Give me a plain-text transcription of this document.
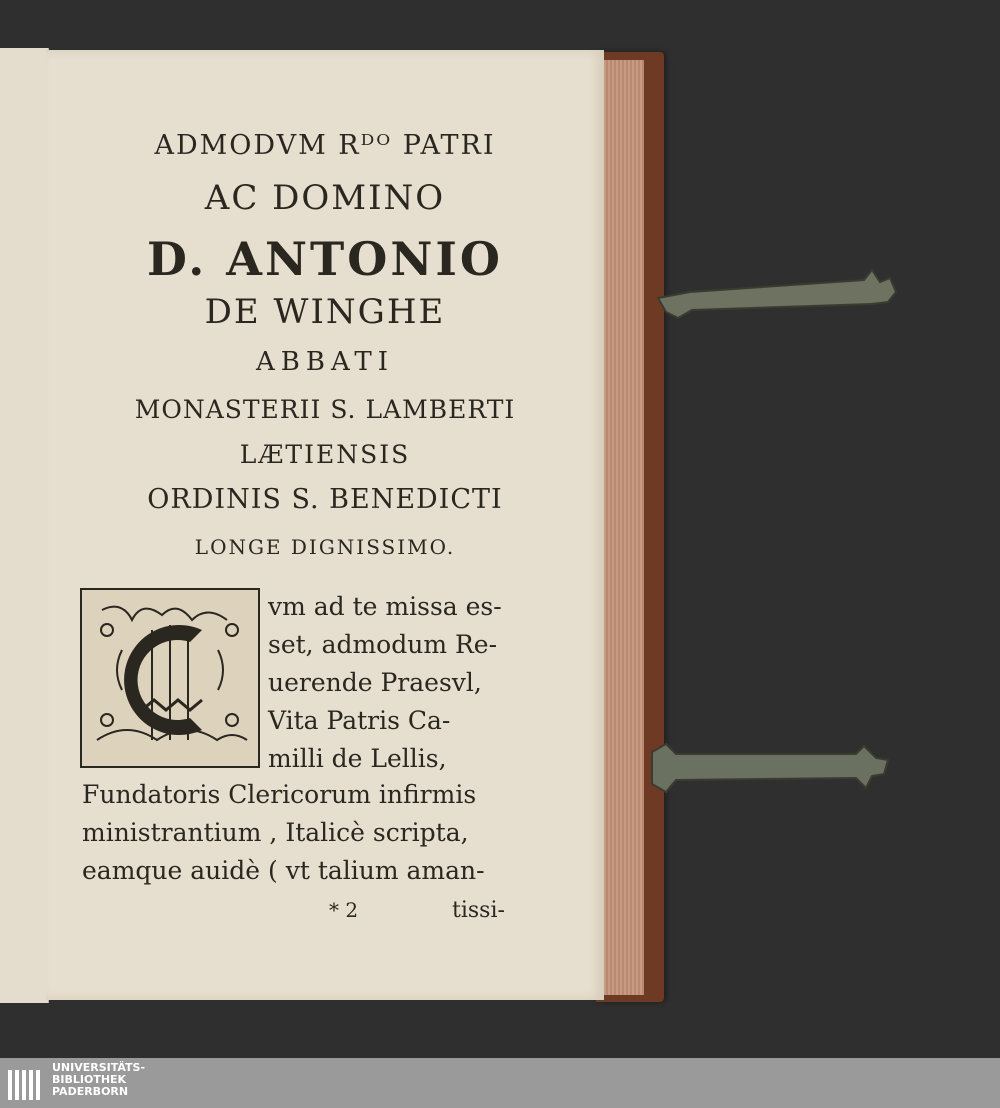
ADMODVM Rᴰᴼ PATRI
AC DOMINO
D. ANTONIO
DE WINGHE
ABBATI
MONASTERII S. LAMBERTI
LÆTIENSIS
ORDINIS S. BENEDICTI
LONGE DIGNISSIMO.
vm ad te missa es-
set, admodum Re-
uerende Praesvl,
Vita Patris Ca-
milli de Lellis,
Fundatoris Clericorum infirmis
ministrantium , Italicè scripta,
eamque auidè ( vt talium aman-
* 2	tissi-
UNIVERSITÄTS-
BIBLIOTHEK
PADERBORN
